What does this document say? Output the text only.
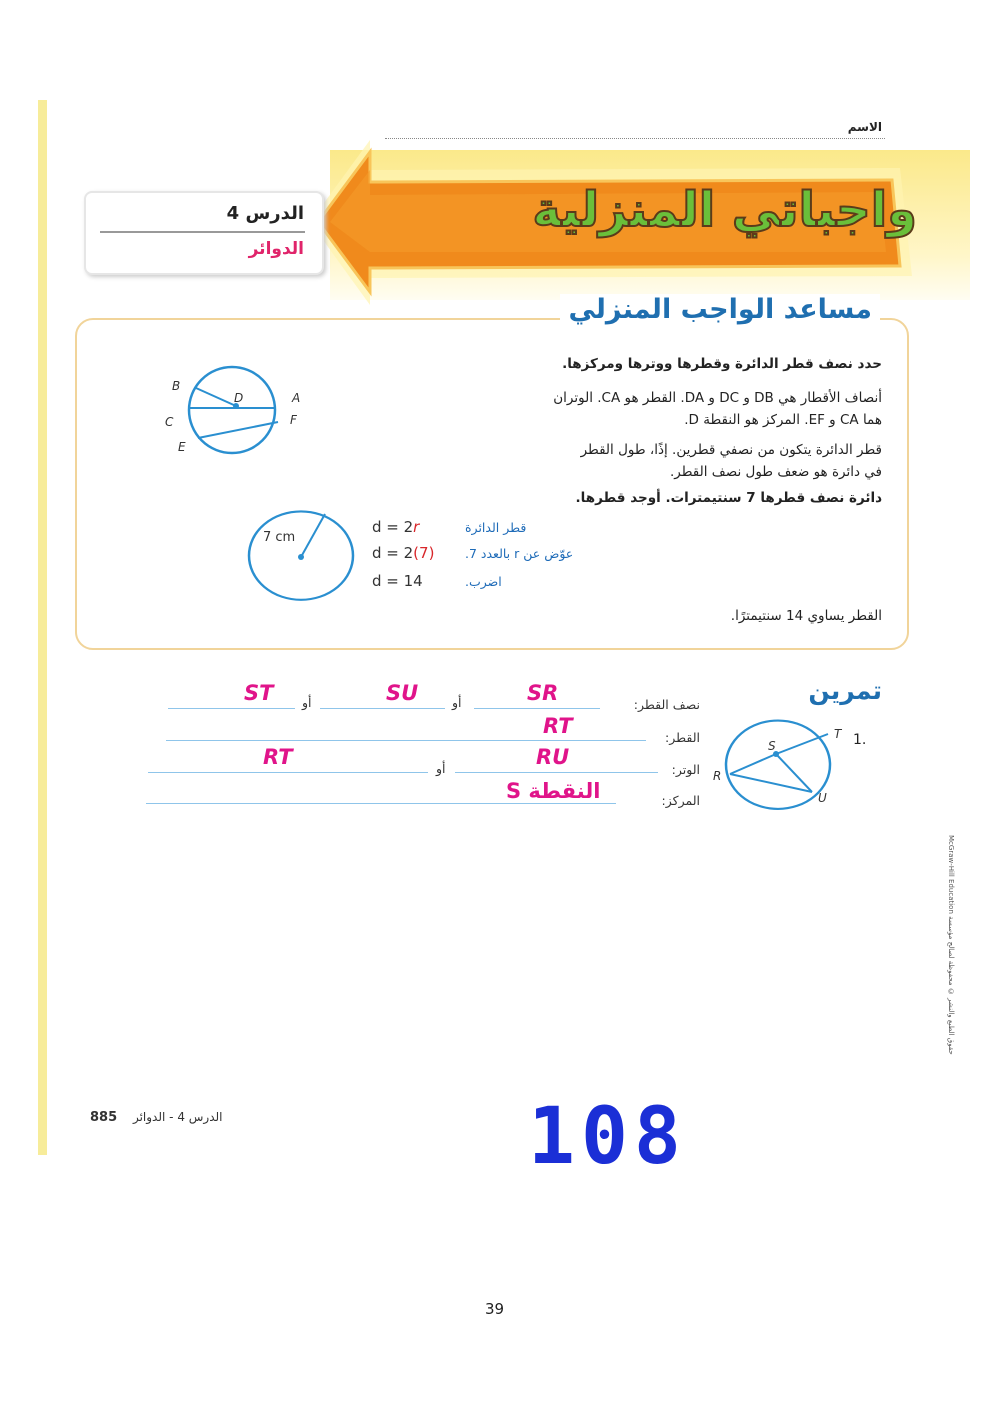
الاسم
واجباتي المنزلية
الدرس 4
الدوائر
مساعد الواجب المنزلي
حدد نصف قطر الدائرة وقطرها ووترها ومركزها.
أنصاف الأقطار هي DB و DC و DA. القطر هو CA. الوتران
هما CA و EF. المركز هو النقطة D.
قطر الدائرة يتكون من نصفي قطرين. إذًا، طول القطر
في دائرة هو ضعف طول نصف القطر.
دائرة نصف قطرها 7 سنتيمترات. أوجد قطرها.
B
D	A
C	F
E
7 cm
d = 2r	قطر الدائرة
d = 2(7) عوّض عن r بالعدد 7.
d = 14	اضرب.
القطر يساوي 14 سنتيمترًا.
تمرين
1.
S
T
R
U
نصف القطر:
SR
أو
SU
أو
ST
القطر:
RT
الوتر:
RU
أو
RT
المركز:
النقطة S
حقوق الطبع والنشر © محفوظة لصالح مؤسسة McGraw-Hill Education
885 الدرس 4 - الدوائر	108
39
